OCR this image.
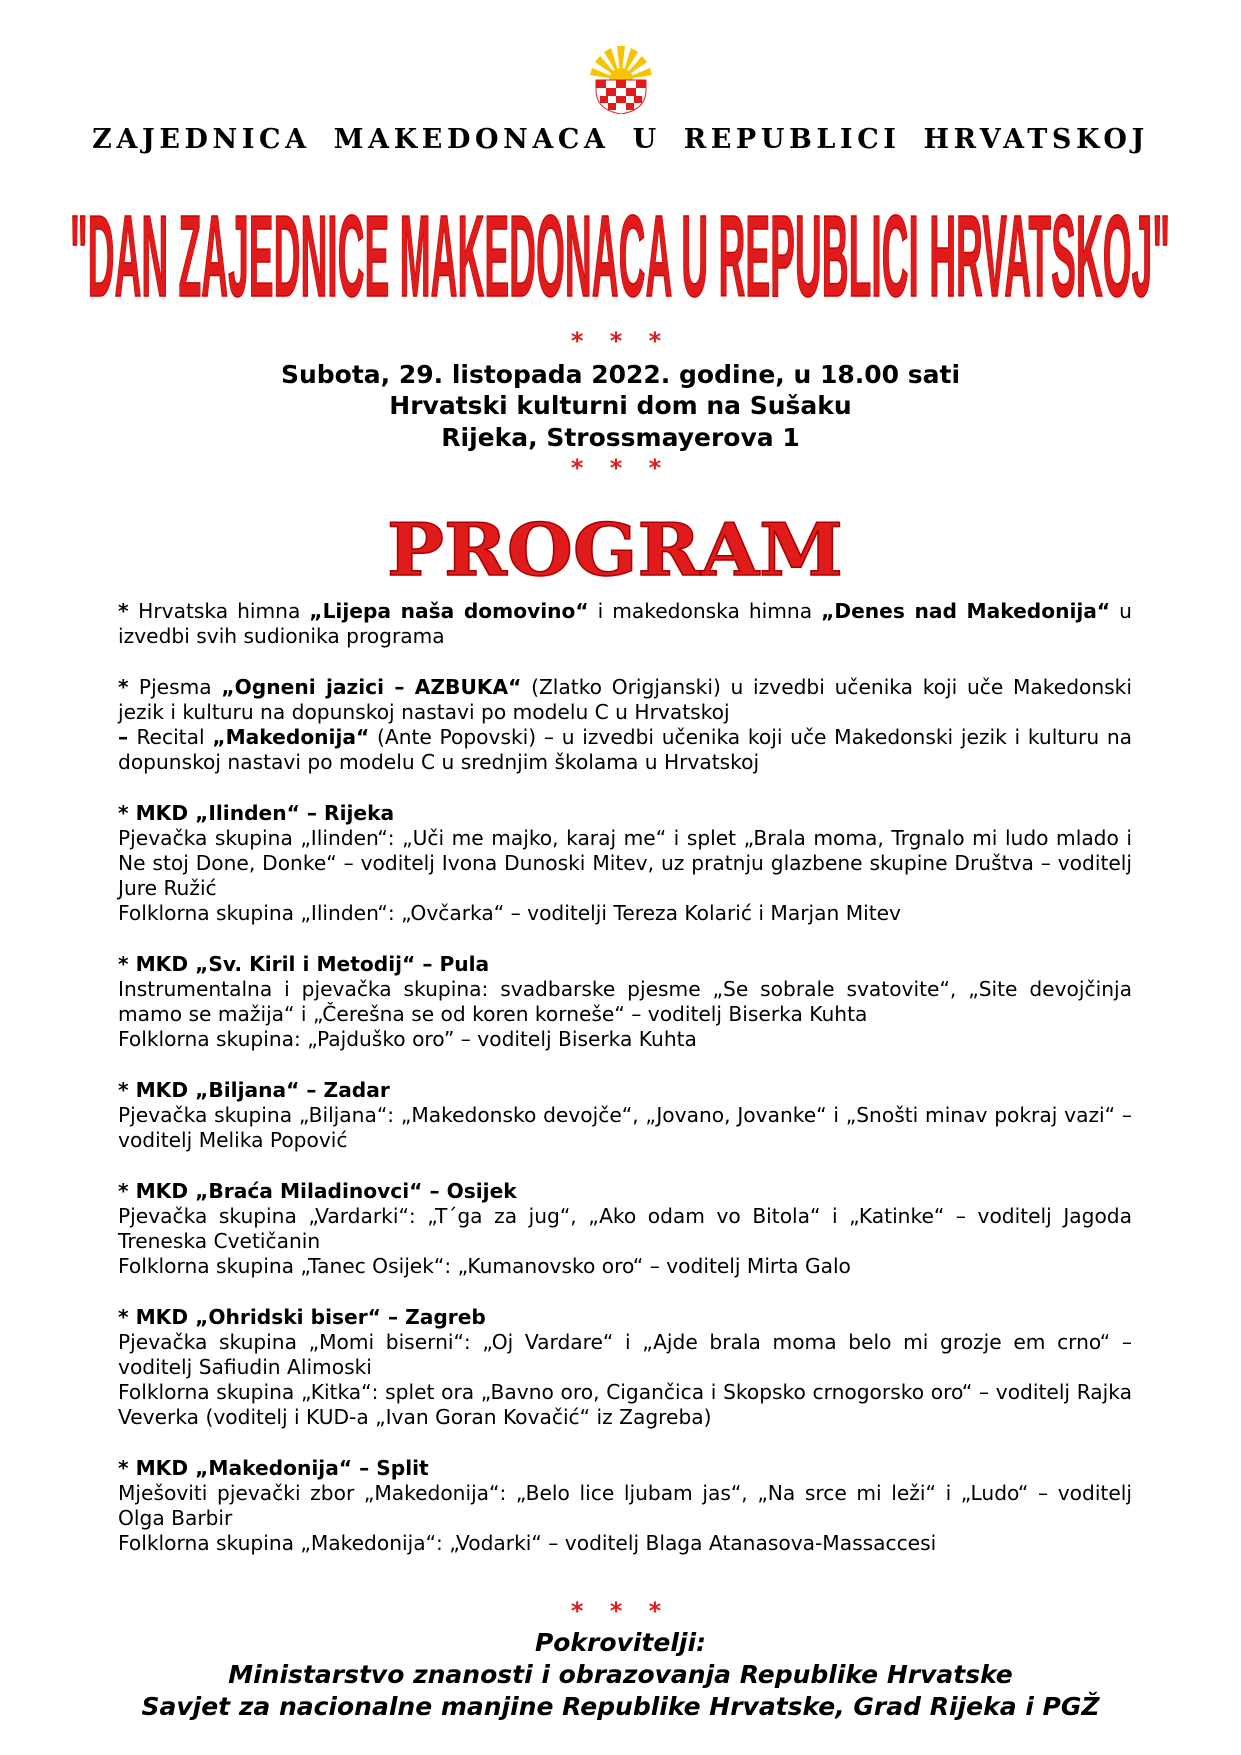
ZAJEDNICA MAKEDONACA U REPUBLICI HRVATSKOJ
"DAN ZAJEDNICE MAKEDONACA U REPUBLICI HRVATSKOJ"
* * *
Subota, 29. listopada 2022. godine, u 18.00 sati
Hrvatski kulturni dom na Sušaku
Rijeka, Strossmayerova 1
* * *
PROGRAM

* Hrvatska himna „Lijepa naša domovino“ i makedonska himna „Denes nad Makedonija“ u izvedbi svih sudionika programa

* Pjesma „Ogneni jazici – AZBUKA“ (Zlatko Origjanski) u izvedbi učenika koji uče Makedonski jezik i kulturu na dopunskoj nastavi po modelu C u Hrvatskoj

– Recital „Makedonija“ (Ante Popovski) – u izvedbi učenika koji uče Makedonski jezik i kulturu na dopunskoj nastavi po modelu C u srednjim školama u Hrvatskoj

* MKD „Ilinden“ – Rijeka

Pjevačka skupina „Ilinden“: „Uči me majko, karaj me“ i splet „Brala moma, Trgnalo mi ludo mlado i Ne stoj Done, Donke“ – voditelj Ivona Dunoski Mitev, uz pratnju glazbene skupine Društva – voditelj Jure Ružić

Folklorna skupina „Ilinden“: „Ovčarka“ – voditelji Tereza Kolarić i Marjan Mitev

* MKD „Sv. Kiril i Metodij“ – Pula

Instrumentalna i pjevačka skupina: svadbarske pjesme „Se sobrale svatovite“, „Site devojčinja mamo se mažija“ i „Čerešna se od koren korneše“ – voditelj Biserka Kuhta

Folklorna skupina: „Pajduško oro” – voditelj Biserka Kuhta

* MKD „Biljana“ – Zadar

Pjevačka skupina „Biljana“: „Makedonsko devojče“, „Jovano, Jovanke“ i „Snošti minav pokraj vazi“ – voditelj Melika Popović

* MKD „Braća Miladinovci“ – Osijek

Pjevačka skupina „Vardarki“: „T´ga za jug“, „Ako odam vo Bitola“ i „Katinke“ – voditelj Jagoda Treneska Cvetičanin

Folklorna skupina „Tanec Osijek“: „Kumanovsko oro“ – voditelj Mirta Galo

* MKD „Ohridski biser“ – Zagreb

Pjevačka skupina „Momi biserni“: „Oj Vardare“ i „Ajde brala moma belo mi grozje em crno“ – voditelj Safiudin Alimoski

Folklorna skupina „Kitka“: splet ora „Bavno oro, Cigančica i Skopsko crnogorsko oro“ – voditelj Rajka Veverka (voditelj i KUD-a „Ivan Goran Kovačić“ iz Zagreba)

* MKD „Makedonija“ – Split

Mješoviti pjevački zbor „Makedonija“: „Belo lice ljubam jas“, „Na srce mi leži“ i „Ludo“ – voditelj Olga Barbir

Folklorna skupina „Makedonija“: „Vodarki“ – voditelj Blaga Atanasova-Massaccesi

* * *
Pokrovitelji:
Ministarstvo znanosti i obrazovanja Republike Hrvatske
Savjet za nacionalne manjine Republike Hrvatske, Grad Rijeka i PGŽ
